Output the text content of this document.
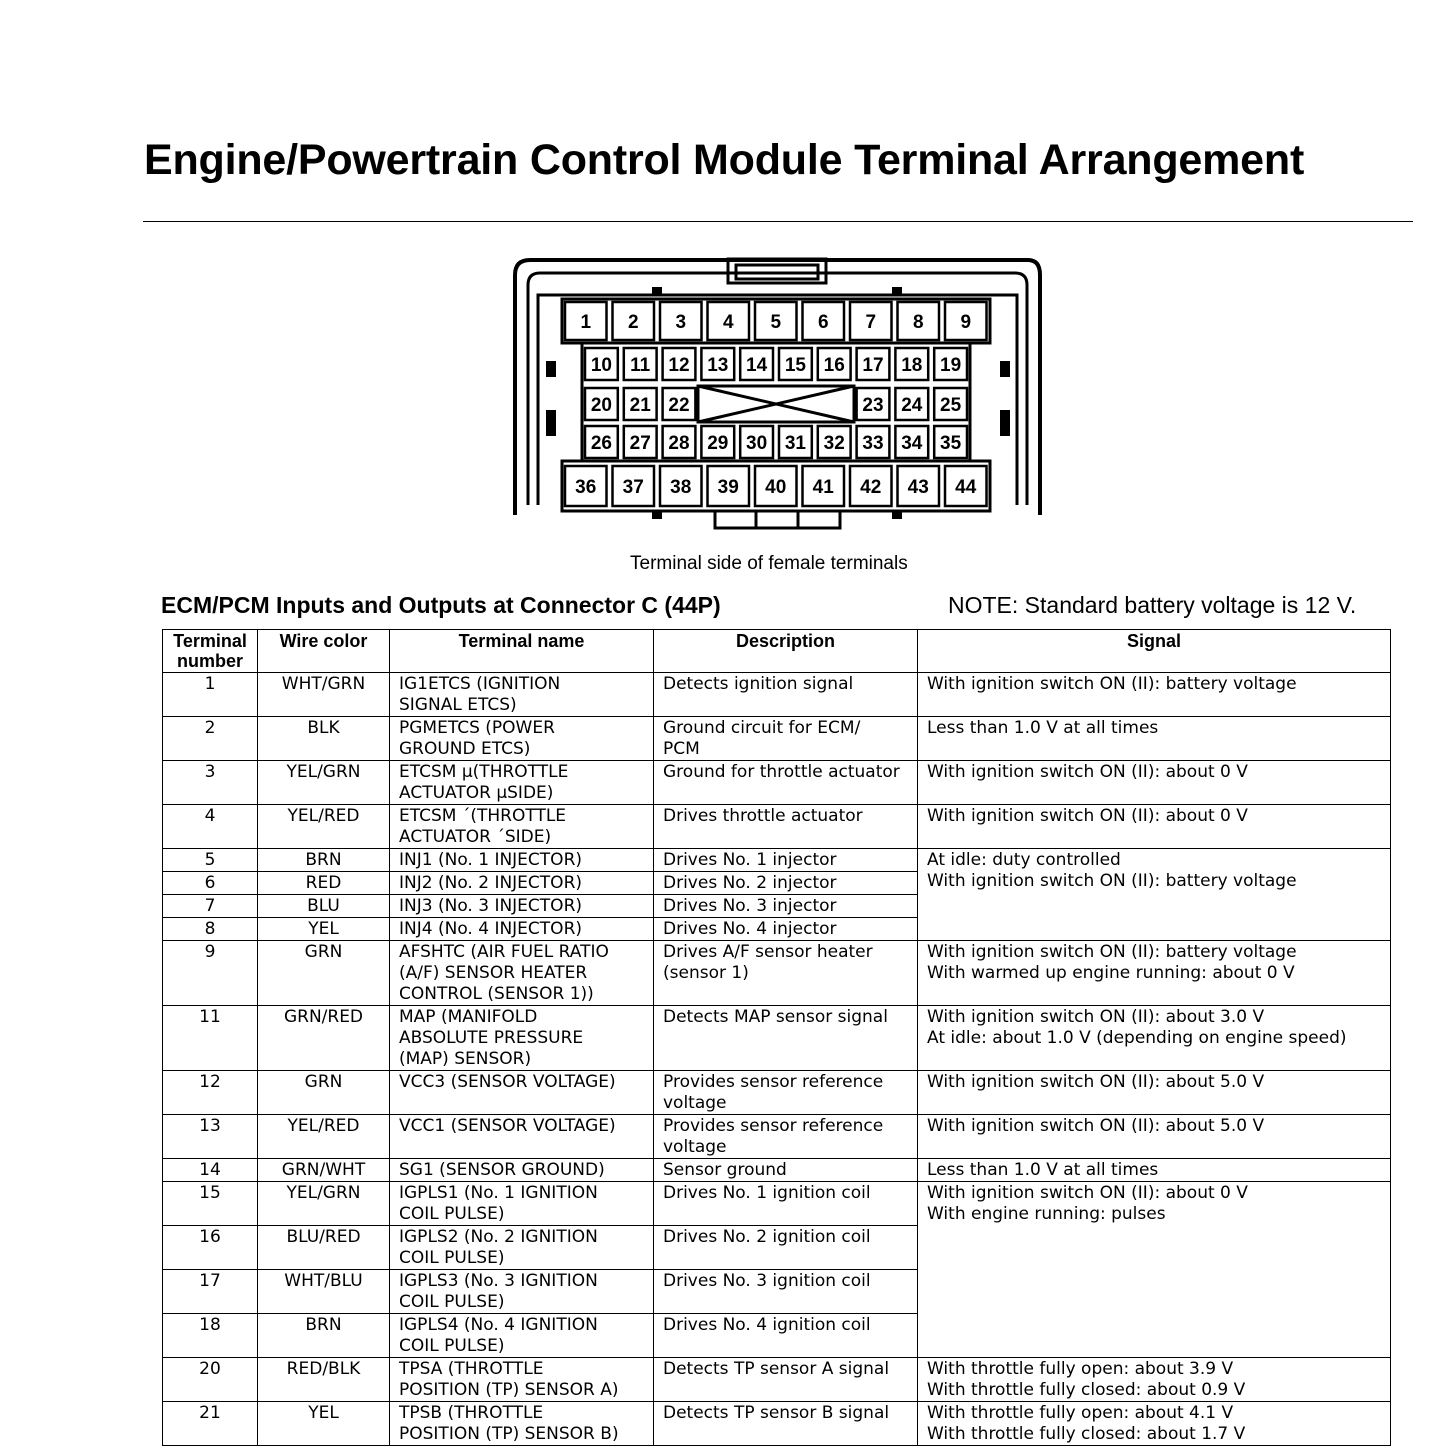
Engine/Powertrain Control Module Terminal Arrangement
1 2 3 4 5 6 7 8 9
10 11 12 13 14 15 16 17 18 19
20 21 22	23 24 25
26 27 28 29 30 31 32 33 34 35
36 37 38 39 40 41 42 43 44
Terminal side of female terminals
ECM/PCM Inputs and Outputs at Connector C (44P)	NOTE: Standard battery voltage is 12 V.
Terminal
number	Wire color	Terminal name	Description	Signal

1	WHT/GRN	IG1ETCS (IGNITION
SIGNAL ETCS)	Detects ignition signal	With ignition switch ON (II): battery voltage

2	BLK	PGMETCS (POWER
GROUND ETCS)	Ground circuit for ECM/
PCM	Less than 1.0 V at all times

3	YEL/GRN	ETCSM µ(THROTTLE
ACTUATOR µSIDE)	Ground for throttle actuator	With ignition switch ON (II): about 0 V

4	YEL/RED	ETCSM ´(THROTTLE
ACTUATOR ´SIDE)	Drives throttle actuator	With ignition switch ON (II): about 0 V

5	BRN	INJ1 (No. 1 INJECTOR)	Drives No. 1 injector	At idle: duty controlled
With ignition switch ON (II): battery voltage

6	RED	INJ2 (No. 2 INJECTOR)	Drives No. 2 injector	

7	BLU	INJ3 (No. 3 INJECTOR)	Drives No. 3 injector	

8	YEL	INJ4 (No. 4 INJECTOR)	Drives No. 4 injector	

9	GRN	AFSHTC (AIR FUEL RATIO
(A/F) SENSOR HEATER
CONTROL (SENSOR 1))	Drives A/F sensor heater
(sensor 1)	With ignition switch ON (II): battery voltage
With warmed up engine running: about 0 V

11	GRN/RED	MAP (MANIFOLD
ABSOLUTE PRESSURE
(MAP) SENSOR)	Detects MAP sensor signal	With ignition switch ON (II): about 3.0 V
At idle: about 1.0 V (depending on engine speed)

12	GRN	VCC3 (SENSOR VOLTAGE)	Provides sensor reference
voltage	With ignition switch ON (II): about 5.0 V

13	YEL/RED	VCC1 (SENSOR VOLTAGE)	Provides sensor reference
voltage	With ignition switch ON (II): about 5.0 V

14	GRN/WHT	SG1 (SENSOR GROUND)	Sensor ground	Less than 1.0 V at all times

15	YEL/GRN	IGPLS1 (No. 1 IGNITION
COIL PULSE)	Drives No. 1 ignition coil	With ignition switch ON (II): about 0 V
With engine running: pulses

16	BLU/RED	IGPLS2 (No. 2 IGNITION
COIL PULSE)	Drives No. 2 ignition coil	

17	WHT/BLU	IGPLS3 (No. 3 IGNITION
COIL PULSE)	Drives No. 3 ignition coil	

18	BRN	IGPLS4 (No. 4 IGNITION
COIL PULSE)	Drives No. 4 ignition coil	

20	RED/BLK	TPSA (THROTTLE
POSITION (TP) SENSOR A)	Detects TP sensor A signal	With throttle fully open: about 3.9 V
With throttle fully closed: about 0.9 V

21	YEL	TPSB (THROTTLE
POSITION (TP) SENSOR B)	Detects TP sensor B signal	With throttle fully open: about 4.1 V
With throttle fully closed: about 1.7 V
